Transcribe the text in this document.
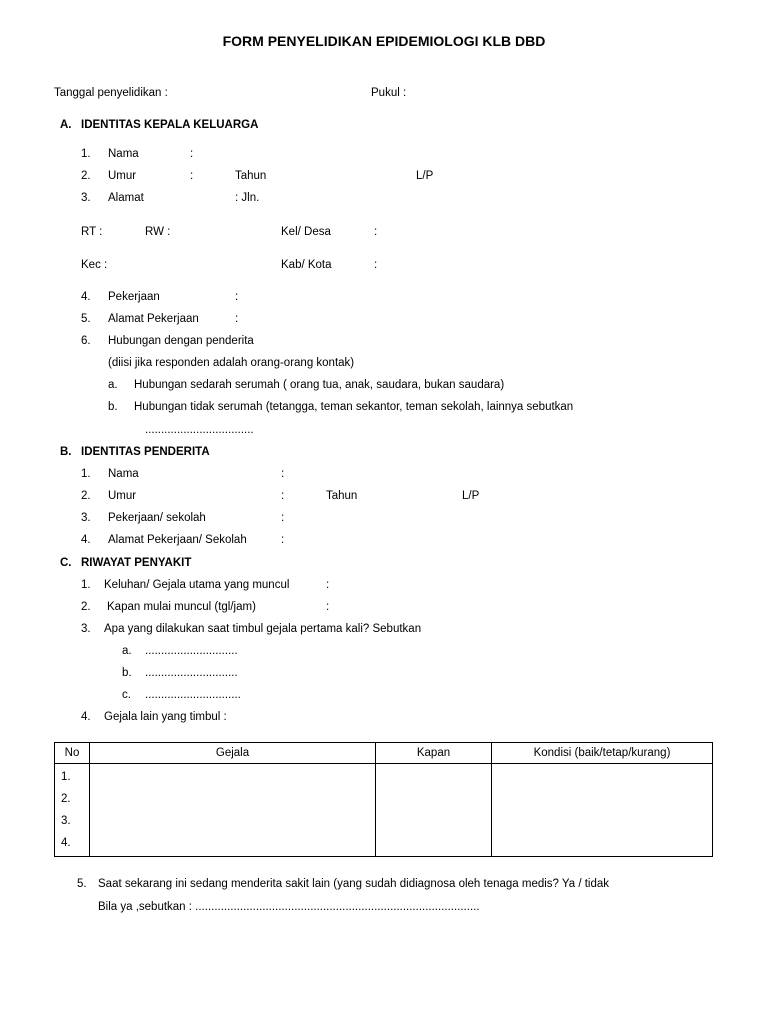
FORM PENYELIDIKAN EPIDEMIOLOGI KLB DBD
Tanggal penyelidikan :	Pukul :
A. IDENTITAS KEPALA KELUARGA
1. Nama	:
2. Umur	:	Tahun	L/P
3. Alamat	: Jln.
RT :	RW :	Kel/ Desa	:
Kec :	Kab/ Kota	:
4. Pekerjaan	:
5. Alamat Pekerjaan	:
6. Hubungan dengan penderita
(diisi jika responden adalah orang-orang kontak)
a. Hubungan sedarah serumah ( orang tua, anak, saudara, bukan saudara)
b. Hubungan tidak serumah (tetangga, teman sekantor, teman sekolah, lainnya sebutkan
..................................
B. IDENTITAS PENDERITA
1. Nama	:
2. Umur	:	Tahun	L/P
3. Pekerjaan/ sekolah	:
4. Alamat Pekerjaan/ Sekolah	:
C. RIWAYAT PENYAKIT
1. Keluhan/ Gejala utama yang muncul	:
2. Kapan mulai muncul (tgl/jam)	:
3. Apa yang dilakukan saat timbul gejala pertama kali? Sebutkan
a. .............................
b. .............................
c. ..............................
4. Gejala lain yang timbul :
No	Gejala	Kapan	Kondisi (baik/tetap/kurang)

1.
2.
3.
4.			

5. Saat sekarang ini sedang menderita sakit lain (yang sudah didiagnosa oleh tenaga medis? Ya / tidak
Bila ya ,sebutkan : .........................................................................................
